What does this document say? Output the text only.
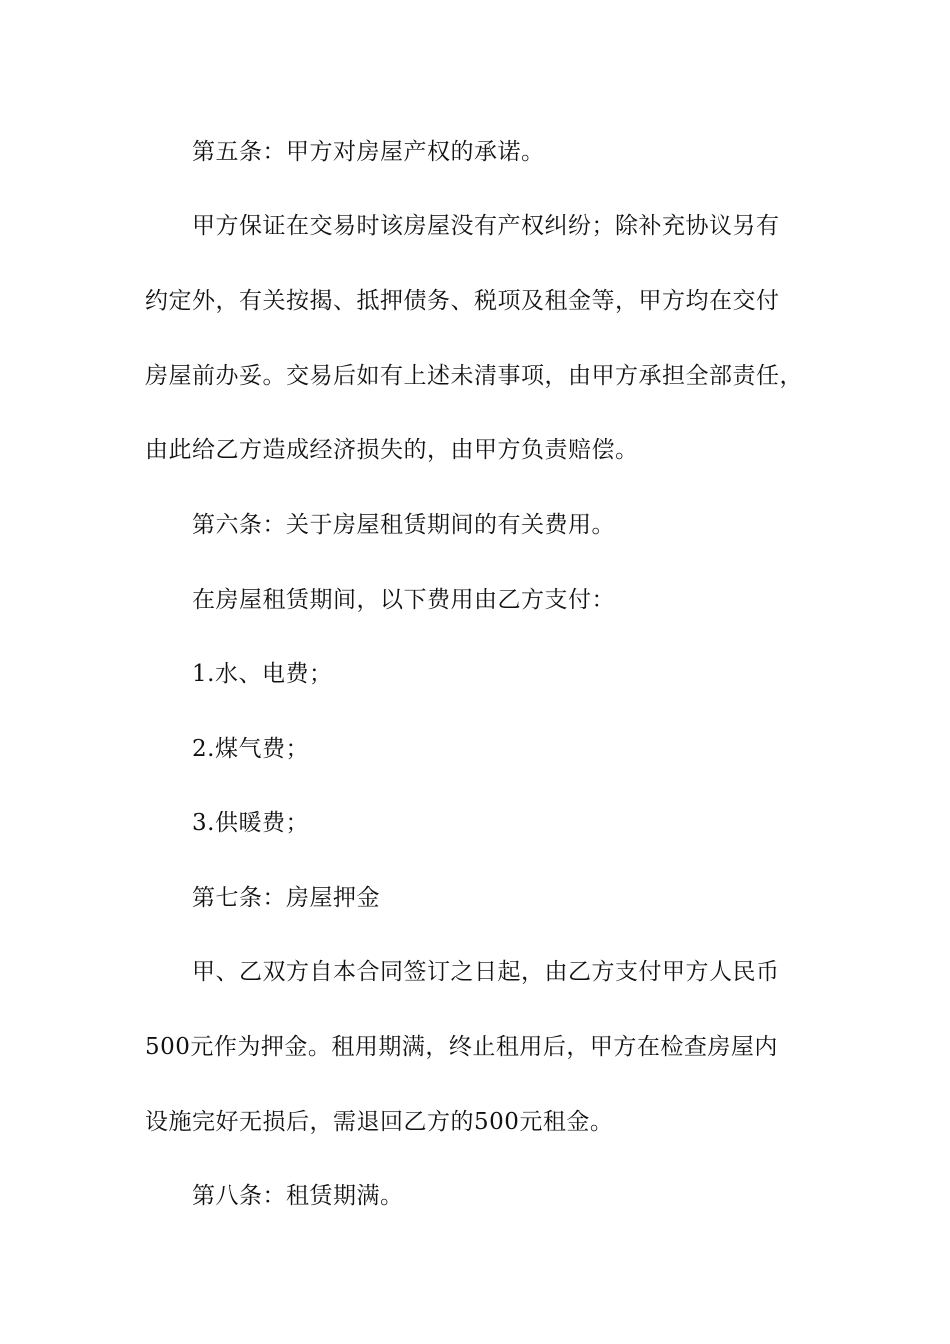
第五条：甲方对房屋产权的承诺。
甲方保证在交易时该房屋没有产权纠纷；除补充协议另有
约定外，有关按揭、抵押债务、税项及租金等，甲方均在交付
房屋前办妥。交易后如有上述未清事项，由甲方承担全部责任，
由此给乙方造成经济损失的，由甲方负责赔偿。
第六条：关于房屋租赁期间的有关费用。
在房屋租赁期间，以下费用由乙方支付：
1.水、电费；
2.煤气费；
3.供暖费；
第七条：房屋押金
甲、乙双方自本合同签订之日起，由乙方支付甲方人民币
500元作为押金。租用期满，终止租用后，甲方在检查房屋内
设施完好无损后，需退回乙方的500元租金。
第八条：租赁期满。
